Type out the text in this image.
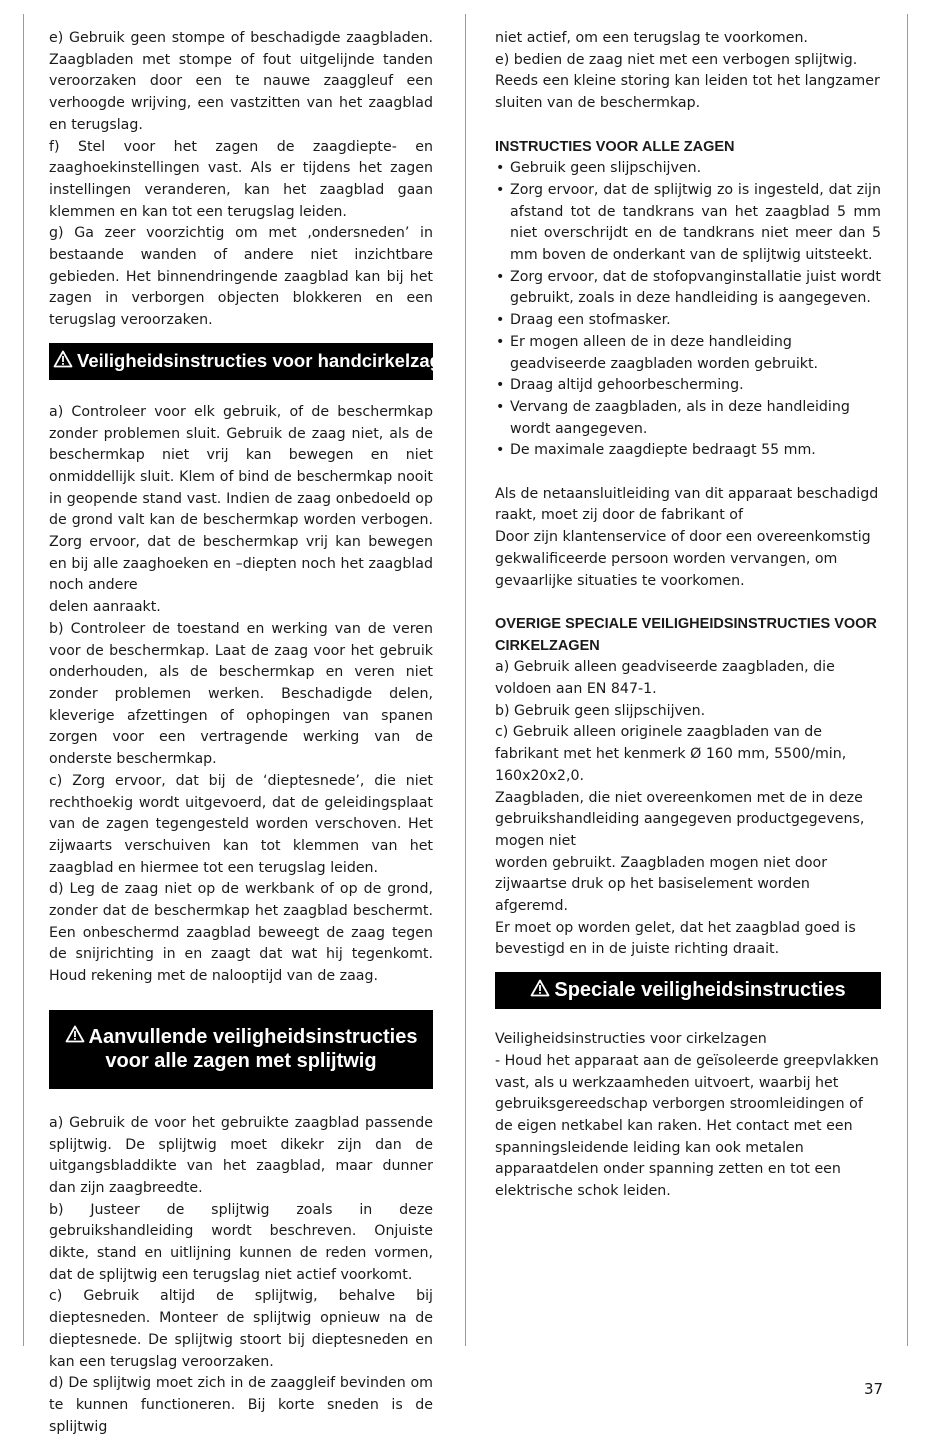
e) Gebruik geen stompe of beschadigde zaagbladen. Zaagbladen met stompe of fout uitgelijnde tanden veroorzaken door een te nauwe zaaggleuf een verhoogde wrijving, een vastzitten van het zaagblad en terugslag.

f) Stel voor het zagen de zaagdiepte- en zaaghoekinstellingen vast. Als er tijdens het zagen instellingen veranderen, kan het zaagblad gaan klemmen en kan tot een terugslag leiden.

g) Ga zeer voorzichtig om met ‚ondersneden’ in bestaande wanden of andere niet inzichtbare gebieden. Het binnendringende zaagblad kan bij het zagen in verborgen objecten blokkeren en een terugslag veroorzaken.

Veiligheidsinstructies voor handcirkelzagen

a) Controleer voor elk gebruik, of de beschermkap zonder problemen sluit. Gebruik de zaag niet, als de beschermkap niet vrij kan bewegen en niet onmiddellijk sluit. Klem of bind de beschermkap nooit in geopende stand vast. Indien de zaag onbedoeld op de grond valt kan de beschermkap worden verbogen. Zorg ervoor, dat de beschermkap vrij kan bewegen en bij alle zaaghoeken en –diepten noch het zaagblad noch andere

delen aanraakt.

b) Controleer de toestand en werking van de veren voor de beschermkap. Laat de zaag voor het gebruik onderhouden, als de beschermkap en veren niet zonder problemen werken. Beschadigde delen, kleverige afzettingen of ophopingen van spanen zorgen voor een vertragende werking van de onderste beschermkap.

c) Zorg ervoor, dat bij de ‘dieptesnede’, die niet rechthoekig wordt uitgevoerd, dat de geleidingsplaat van de zagen tegengesteld worden verschoven. Het zijwaarts verschuiven kan tot klemmen van het zaagblad en hiermee tot een terugslag leiden.

d) Leg de zaag niet op de werkbank of op de grond, zonder dat de beschermkap het zaagblad beschermt. Een onbeschermd zaagblad beweegt de zaag tegen de snijrichting in en zaagt dat wat hij tegenkomt. Houd rekening met de nalooptijd van de zaag.

Aanvullende veiligheidsinstructies
voor alle zagen met splijtwig

a) Gebruik de voor het gebruikte zaagblad passende splijtwig. De splijtwig moet dikekr zijn dan de uitgangsbladdikte van het zaagblad, maar dunner dan zijn zaagbreedte.

b) Justeer de splijtwig zoals in deze gebruikshandleiding wordt beschreven. Onjuiste dikte, stand en uitlijning kunnen de reden vormen, dat de splijtwig een terugslag niet actief voorkomt.

c) Gebruik altijd de splijtwig, behalve bij dieptesneden. Monteer de splijtwig opnieuw na de dieptesnede. De splijtwig stoort bij dieptesneden en kan een terugslag veroorzaken.

d) De splijtwig moet zich in de zaaggleif bevinden om te kunnen functioneren. Bij korte sneden is de splijtwig

niet actief, om een terugslag te voorkomen.

e) bedien de zaag niet met een verbogen splijtwig. Reeds een kleine storing kan leiden tot het langzamer sluiten van de beschermkap.

INSTRUCTIES VOOR ALLE ZAGEN

• Gebruik geen slijpschijven.
• Zorg ervoor, dat de splijtwig zo is ingesteld, dat zijn afstand tot de tandkrans van het zaagblad 5 mm niet overschrijdt en de tandkrans niet meer dan 5 mm boven de onderkant van de splijtwig uitsteekt.
• Zorg ervoor, dat de stofopvanginstallatie juist wordt gebruikt, zoals in deze handleiding is aangegeven.
• Draag een stofmasker.
• Er mogen alleen de in deze handleiding geadviseerde zaagbladen worden gebruikt.
• Draag altijd gehoorbescherming.
• Vervang de zaagbladen, als in deze handleiding wordt aangegeven.
• De maximale zaagdiepte bedraagt 55 mm.

Als de netaansluitleiding van dit apparaat beschadigd raakt, moet zij door de fabrikant of

Door zijn klantenservice of door een overeenkomstig gekwalificeerde persoon worden vervangen, om gevaarlijke situaties te voorkomen.

OVERIGE SPECIALE VEILIGHEIDSINSTRUCTIES VOOR CIRKELZAGEN

a) Gebruik alleen geadviseerde zaagbladen, die voldoen aan EN 847-1.

b) Gebruik geen slijpschijven.

c) Gebruik alleen originele zaagbladen van de fabrikant met het kenmerk Ø 160 mm, 5500/min, 160x20x2,0.

Zaagbladen, die niet overeenkomen met de in deze gebruikshandleiding aangegeven productgegevens, mogen niet

worden gebruikt. Zaagbladen mogen niet door zijwaartse druk op het basiselement worden afgeremd.

Er moet op worden gelet, dat het zaagblad goed is bevestigd en in de juiste richting draait.

Speciale veiligheidsinstructies

Veiligheidsinstructies voor cirkelzagen

- Houd het apparaat aan de geïsoleerde greepvlakken vast, als u werkzaamheden uitvoert, waarbij het gebruiksgereedschap verborgen stroomleidingen of de eigen netkabel kan raken. Het contact met een spanningsleidende leiding kan ook metalen apparaatdelen onder spanning zetten en tot een elektrische schok leiden.

37
